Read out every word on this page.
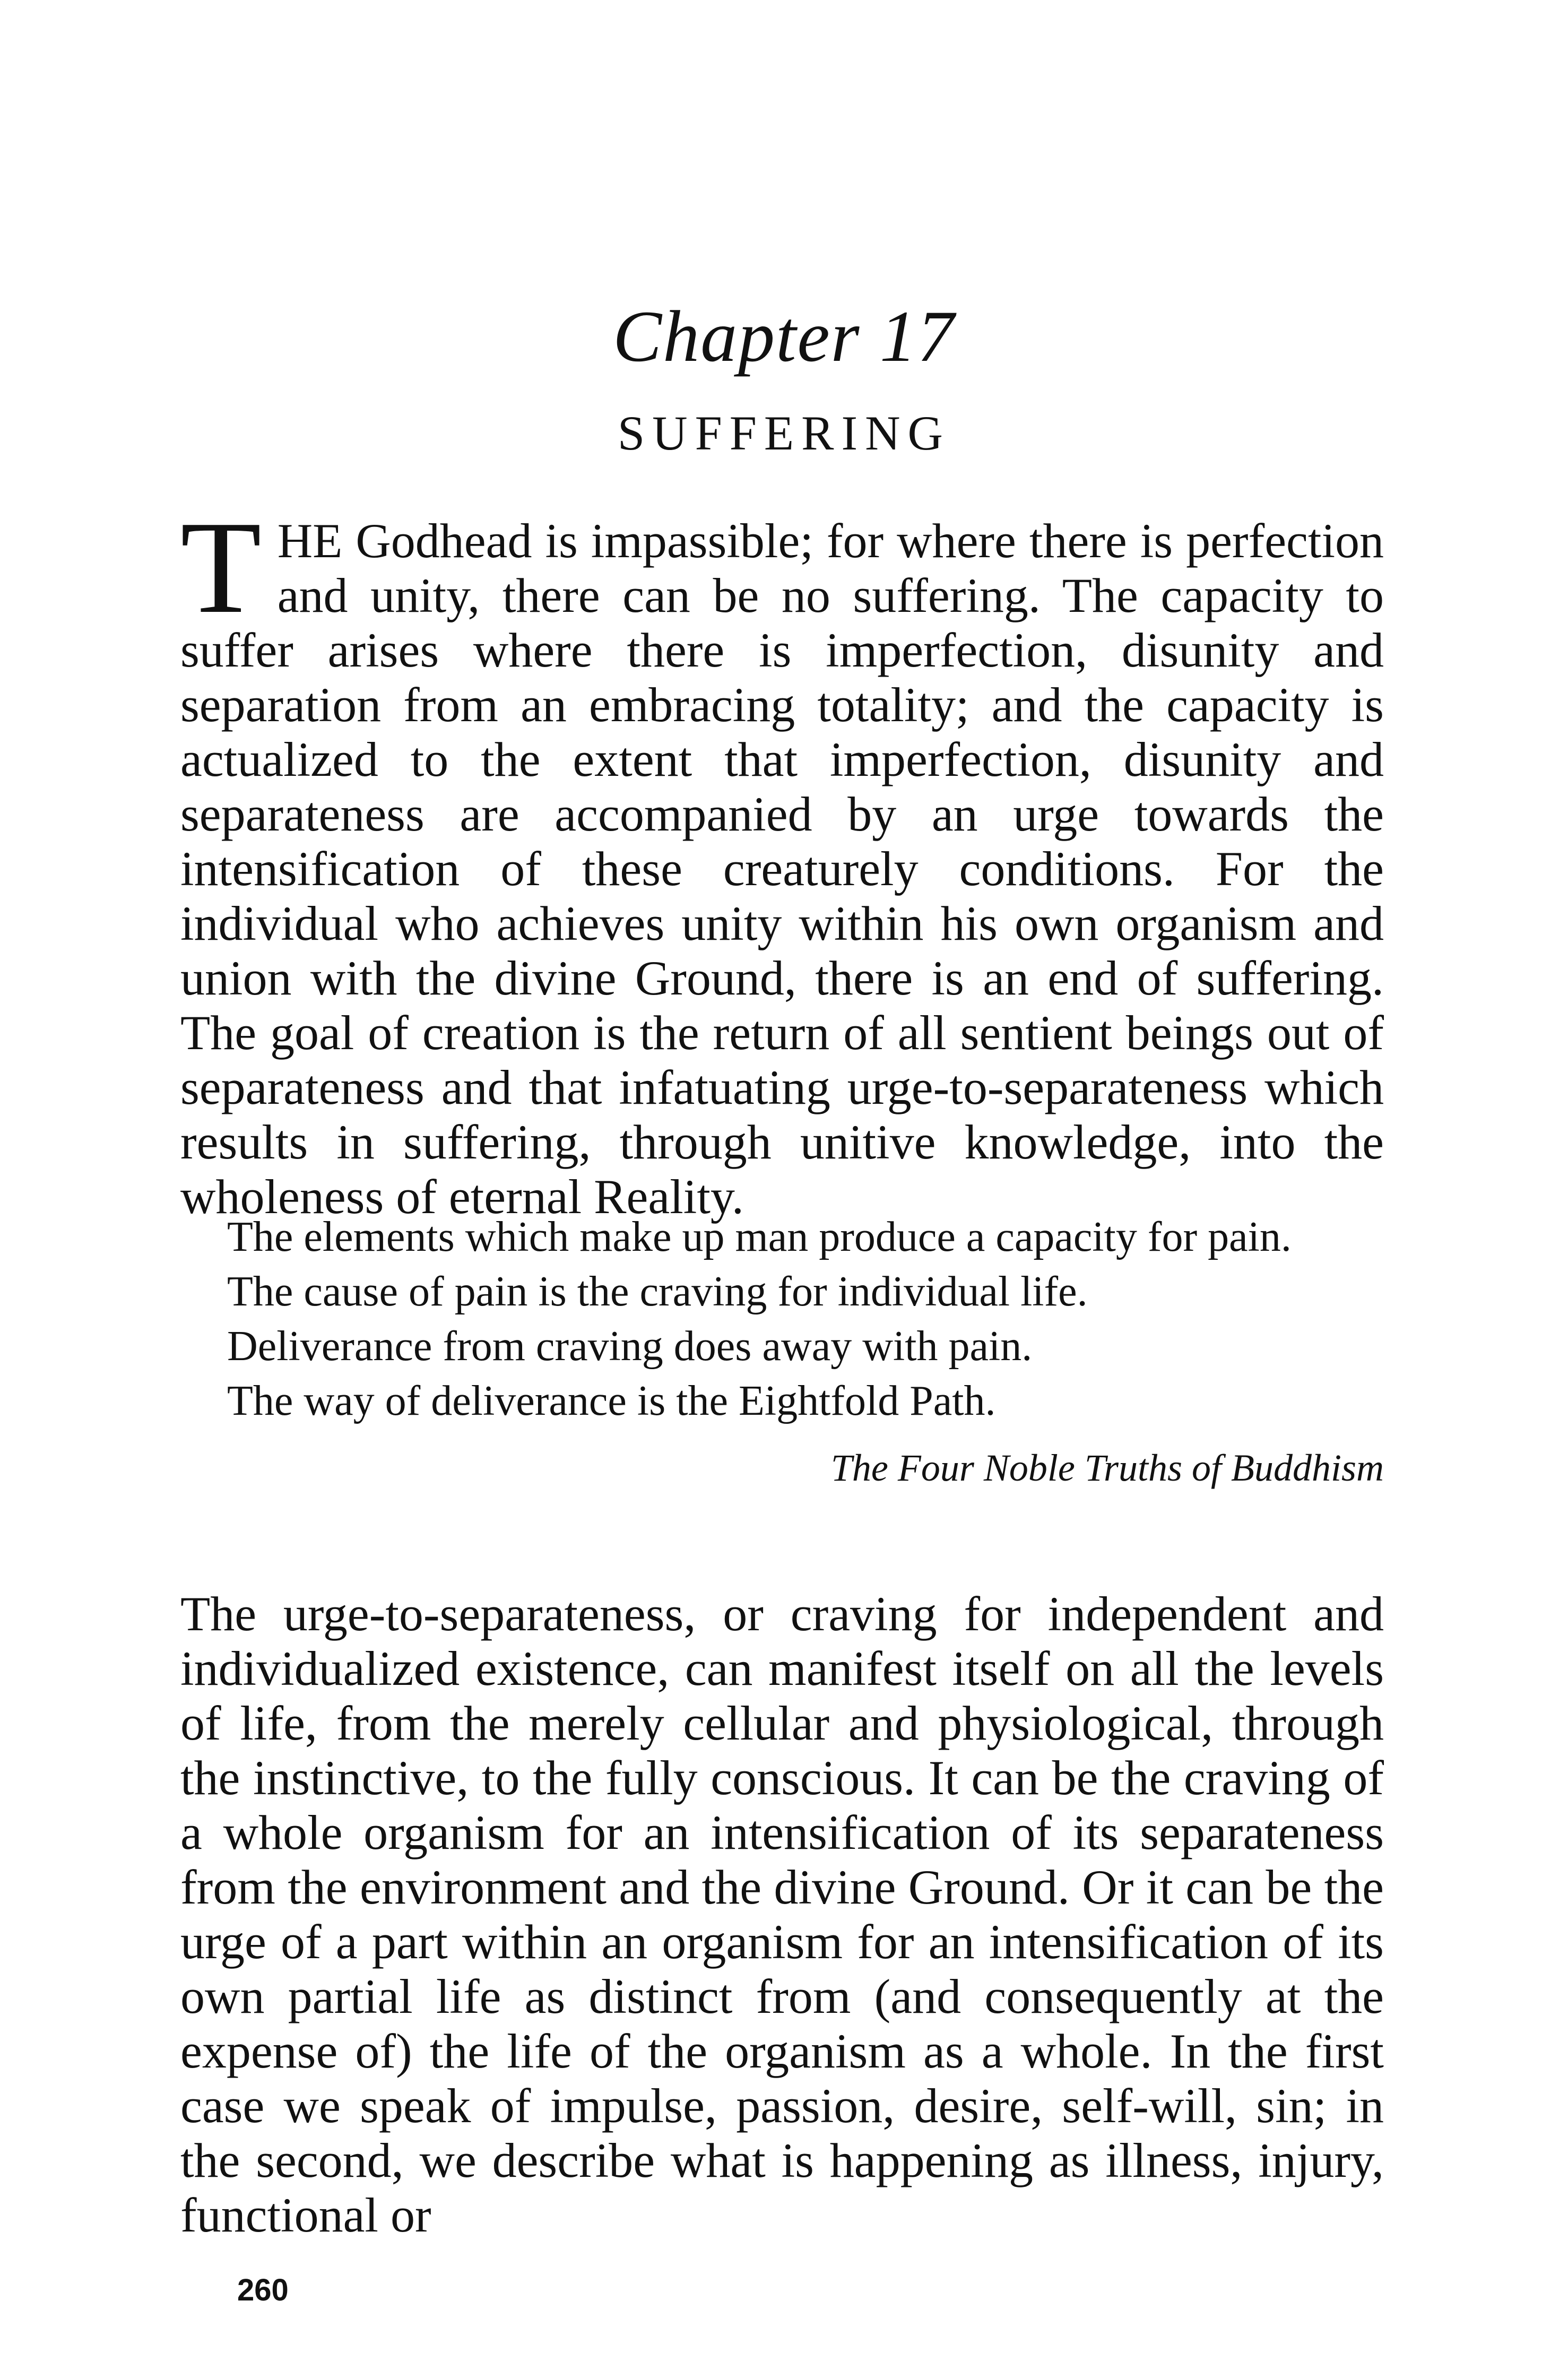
Chapter 17
SUFFERING
T HE Godhead is impassible; for where there is perfection and unity, there can be no suffering. The capacity to suffer arises where there is imperfection, disunity and separation from an embracing totality; and the capacity is actualized to the extent that imperfection, disunity and separateness are accompanied by an urge towards the intensification of these creaturely conditions. For the individual who achieves unity within his own organism and union with the divine Ground, there is an end of suffering. The goal of creation is the return of all sentient beings out of separateness and that infatuating urge-to-separateness which results in suffering, through unitive knowledge, into the wholeness of eternal Reality.
The elements which make up man produce a capacity for pain.
The cause of pain is the craving for individual life.
Deliverance from craving does away with pain.
The way of deliverance is the Eightfold Path.
The Four Noble Truths of Buddhism
The urge-to-separateness, or craving for independent and individualized existence, can manifest itself on all the levels of life, from the merely cellular and physiological, through the instinctive, to the fully conscious. It can be the craving of a whole organism for an intensification of its separateness from the environment and the divine Ground. Or it can be the urge of a part within an organism for an intensification of its own partial life as distinct from (and consequently at the expense of) the life of the organism as a whole. In the first case we speak of impulse, passion, desire, self-will, sin; in the second, we describe what is happening as illness, injury, functional or
260
